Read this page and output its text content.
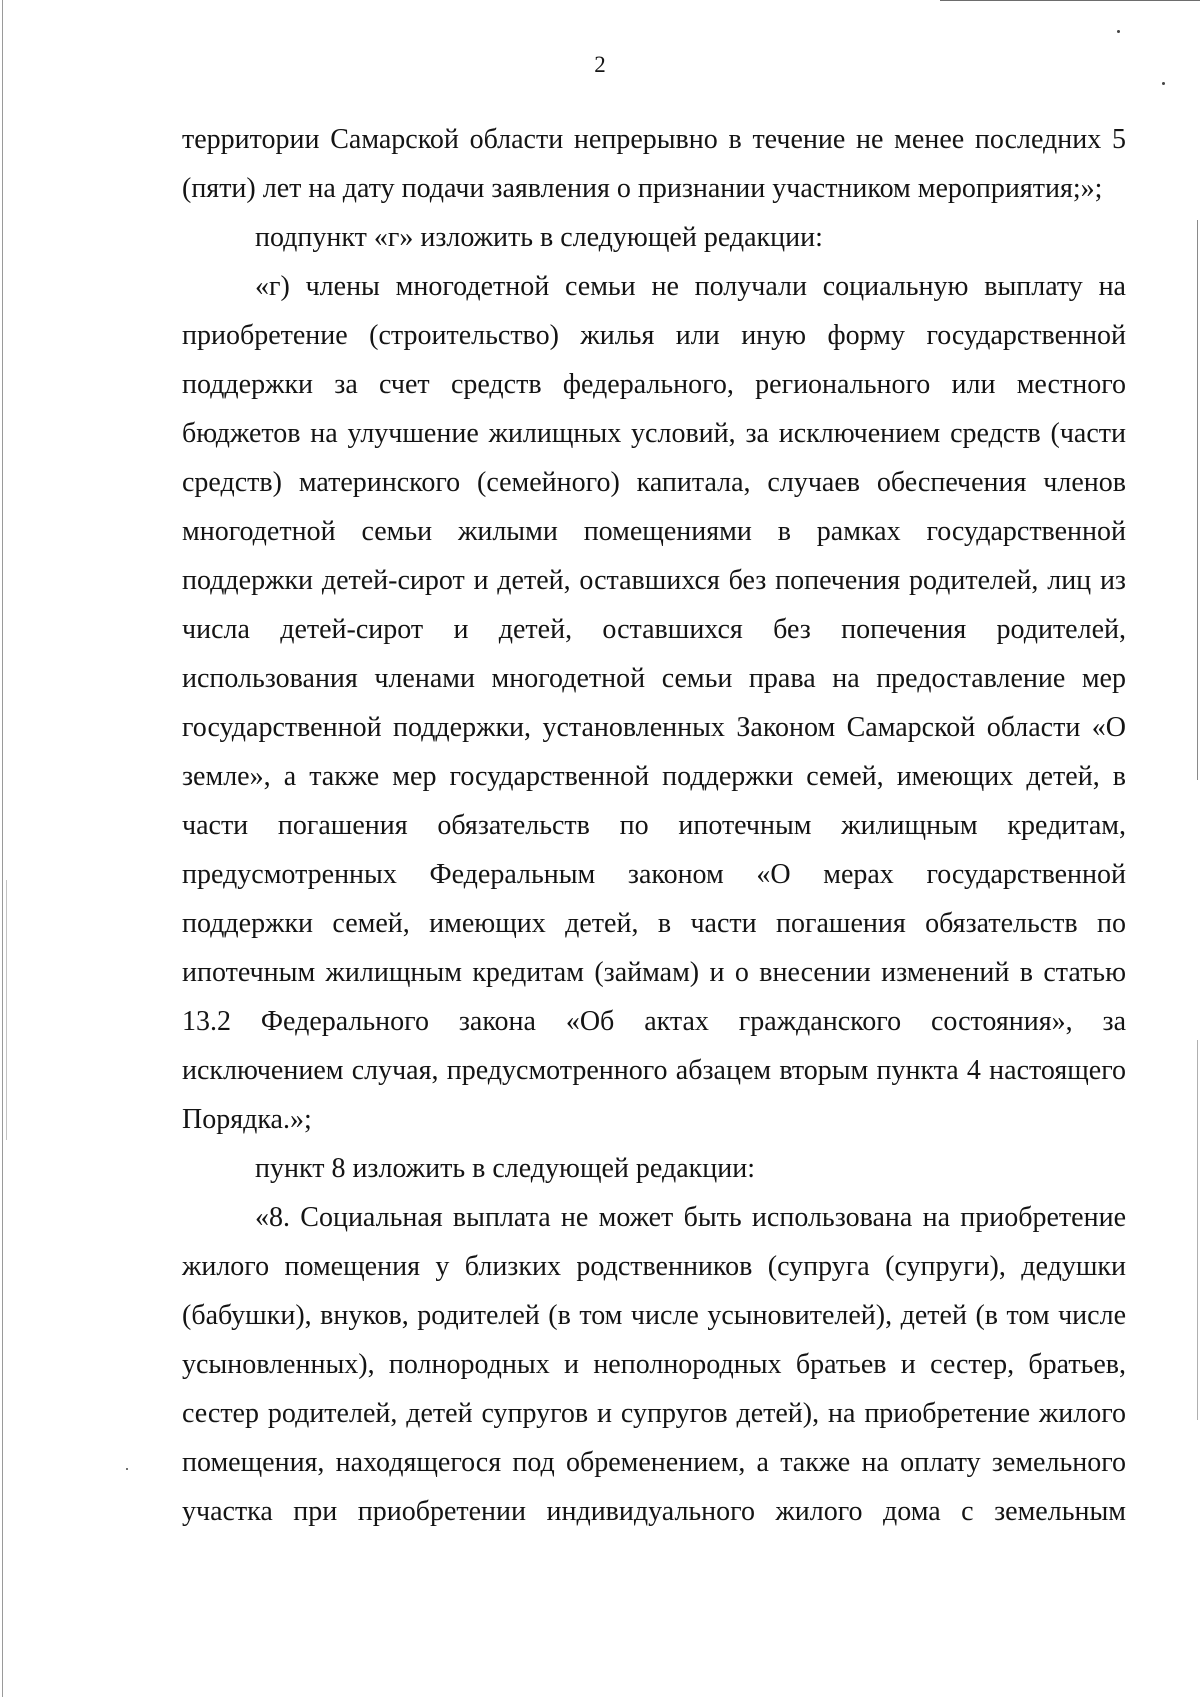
2

территории Самарской области непрерывно в течение не менее последних 5 (пяти) лет на дату подачи заявления о признании участником мероприятия;»;

подпункт «г» изложить в следующей редакции:

«г) члены многодетной семьи не получали социальную выплату на приобретение (строительство) жилья или иную форму государственной поддержки за счет средств федерального, регионального или местного бюджетов на улучшение жилищных условий, за исключением средств (части средств) материнского (семейного) капитала, случаев обеспечения членов многодетной семьи жилыми помещениями в рамках государственной поддержки детей-сирот и детей, оставшихся без попечения родителей, лиц из числа детей-сирот и детей, оставшихся без попечения родителей, использования членами многодетной семьи права на предоставление мер государственной поддержки, установленных Законом Самарской области «О земле», а также мер государственной поддержки семей, имеющих детей, в части погашения обязательств по ипотечным жилищным кредитам, предусмотренных Федеральным законом «О мерах государственной поддержки семей, имеющих детей, в части погашения обязательств по ипотечным жилищным кредитам (займам) и о внесении изменений в статью 13.2 Федерального закона «Об актах гражданского состояния», за исключением случая, предусмотренного абзацем вторым пункта 4 настоящего Порядка.»;

пункт 8 изложить в следующей редакции:

«8. Социальная выплата не может быть использована на приобретение жилого помещения у близких родственников (супруга (супруги), дедушки (бабушки), внуков, родителей (в том числе усыновителей), детей (в том числе усыновленных), полнородных и неполнородных братьев и сестер, братьев, сестер родителей, детей супругов и супругов детей), на приобретение жилого помещения, находящегося под обременением, а также на оплату земельного участка при приобретении индивидуального жилого дома с земельным
